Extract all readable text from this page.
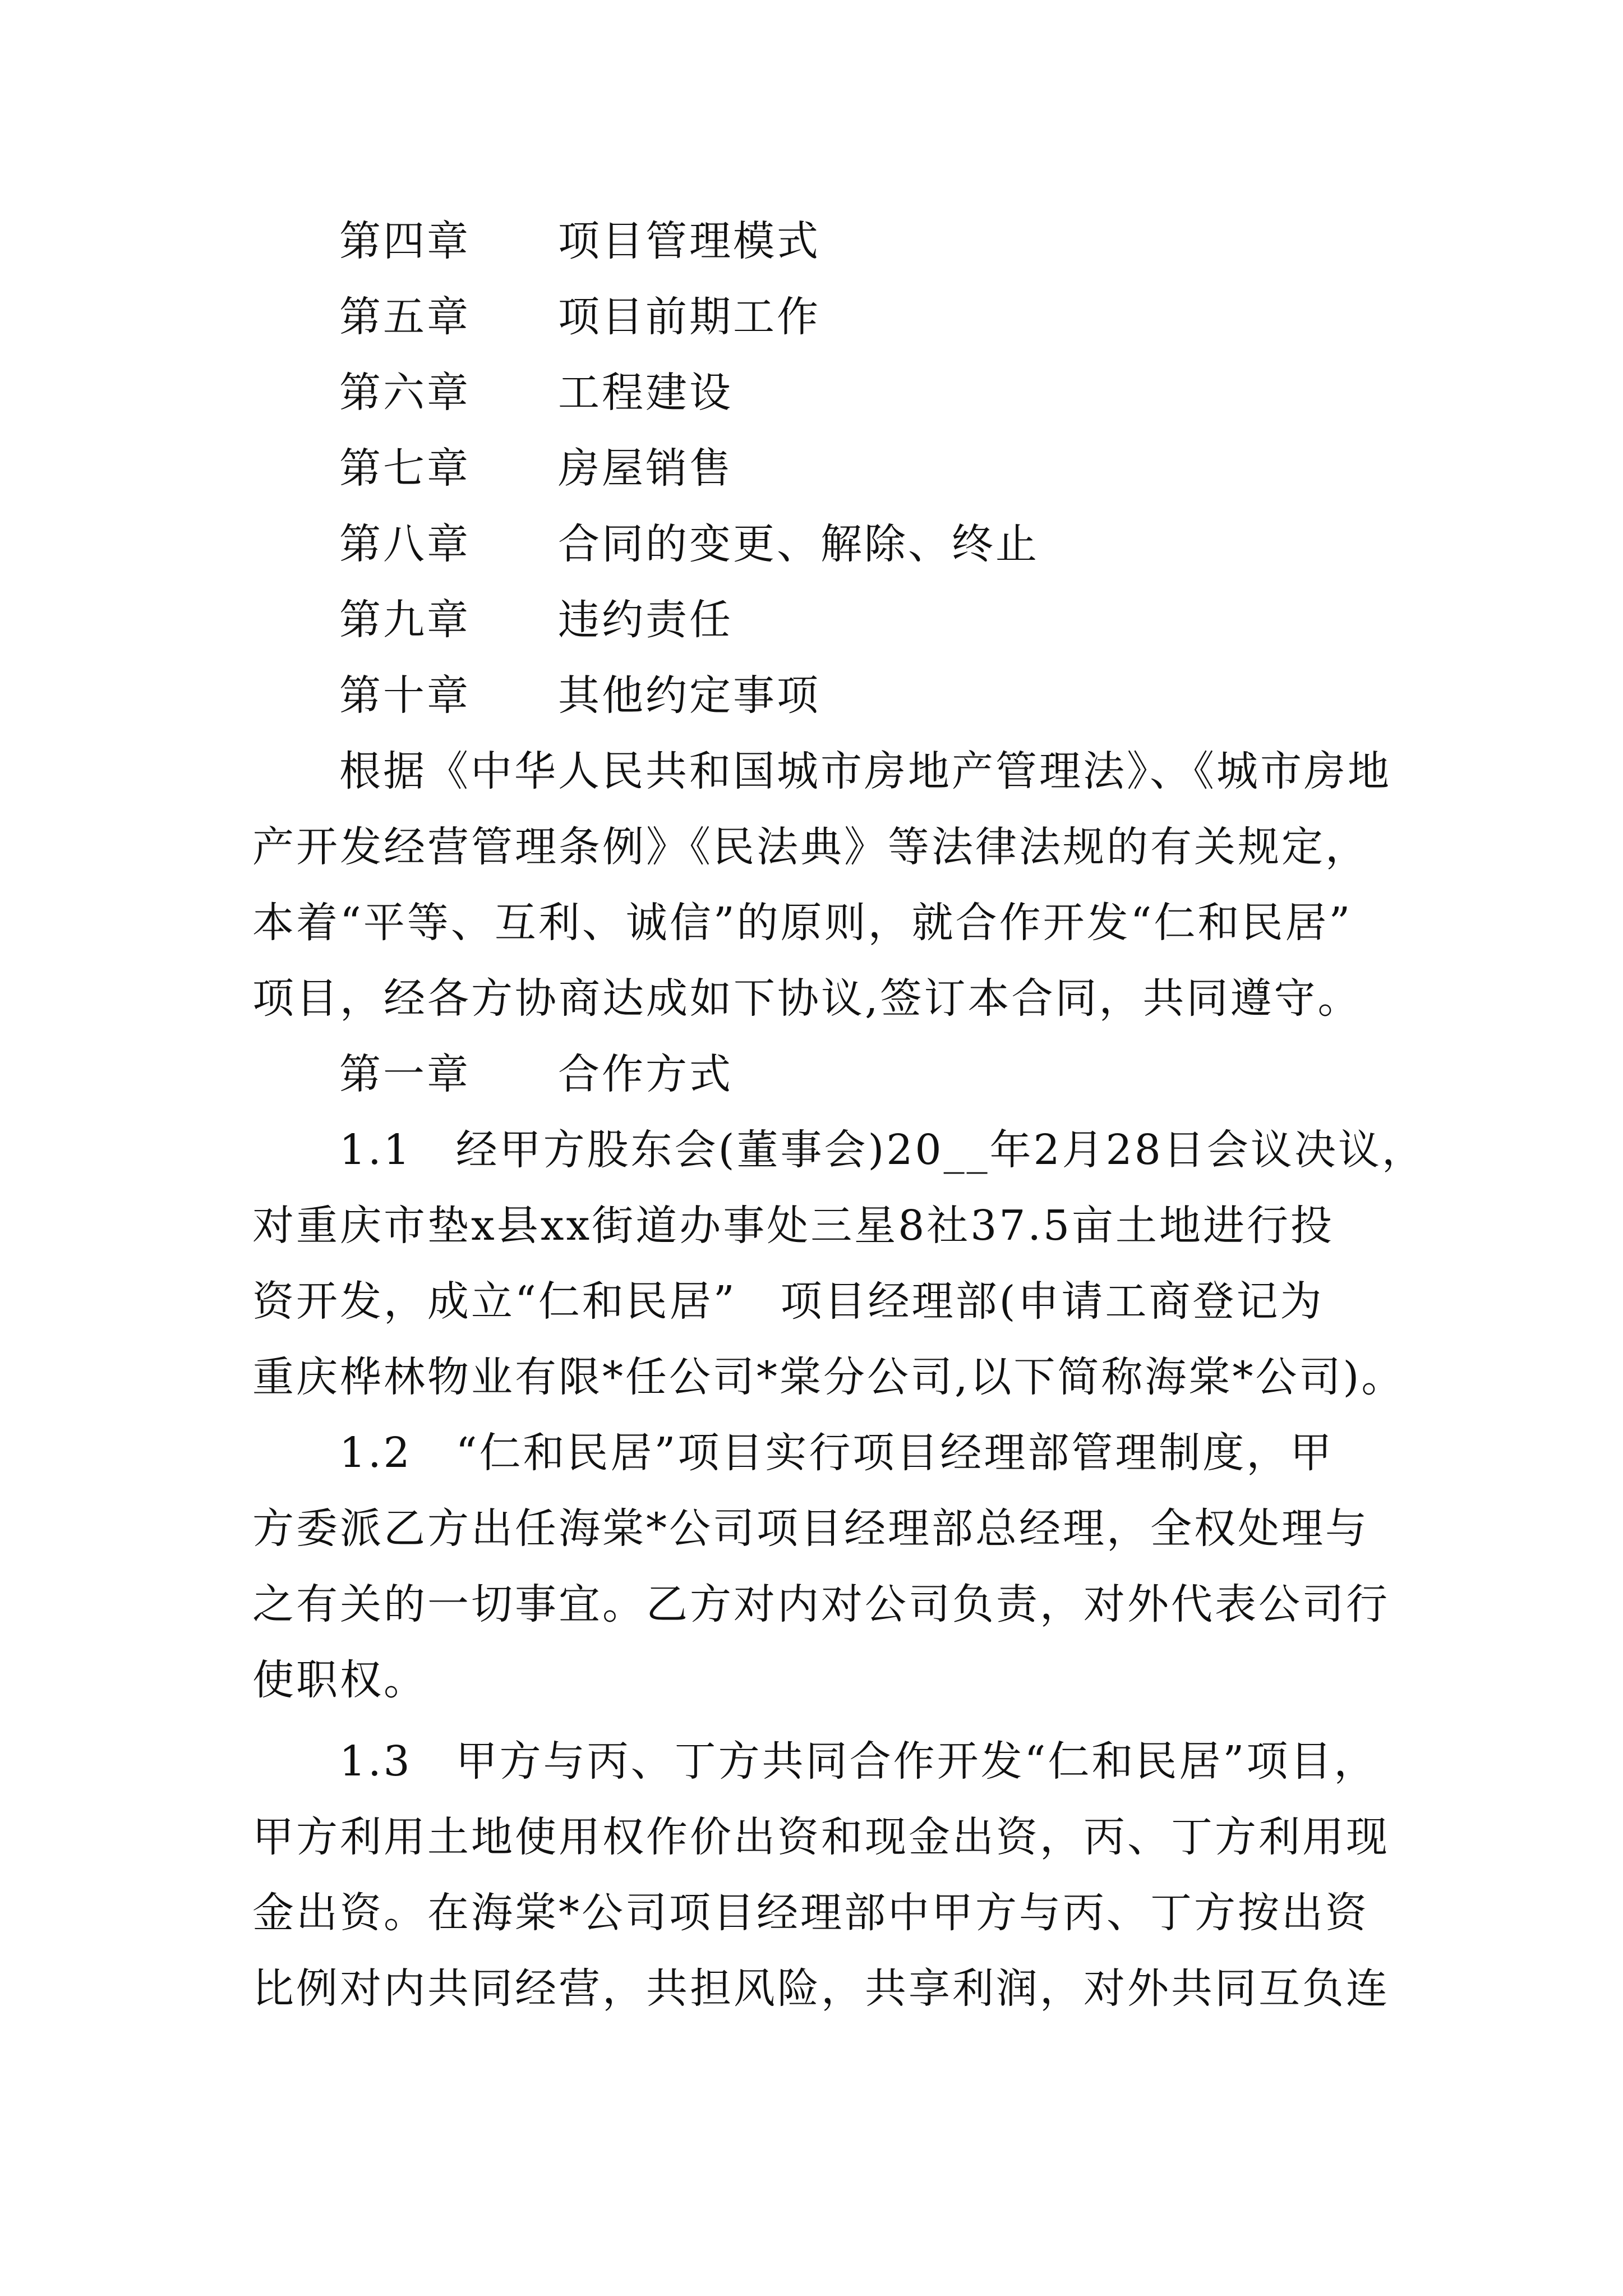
第四章　　 项目管理模式
第五章　　 项目前期工作
第六章　　 工程建设
第七章　　 房屋销售
第八章　　 合同的变更、解除、终止
第九章　　 违约责任
第十章　　 其他约定事项
根据《中华人民共和国城市房地产管理法》、《城市房地
产开发经营管理条例》《民法典》等法律法规的有关规定，
本着“平等、互利、诚信”的原则，就合作开发“仁和民居”
项目，经各方协商达成如下协议,签订本合同，共同遵守。
第一章　　 合作方式
1.1　经甲方股东会(董事会)20__年2月28日会议决议，
对重庆市垫x县xx街道办事处三星8社37.5亩土地进行投
资开发，成立“仁和民居”　项目经理部(申请工商登记为
重庆桦林物业有限*任公司*棠分公司,以下简称海棠*公司)。
1.2　“仁和民居”项目实行项目经理部管理制度，甲
方委派乙方出任海棠*公司项目经理部总经理，全权处理与
之有关的一切事宜。乙方对内对公司负责，对外代表公司行
使职权。
1.3　甲方与丙、丁方共同合作开发“仁和民居”项目，
甲方利用土地使用权作价出资和现金出资，丙、丁方利用现
金出资。在海棠*公司项目经理部中甲方与丙、丁方按出资
比例对内共同经营，共担风险，共享利润，对外共同互负连
